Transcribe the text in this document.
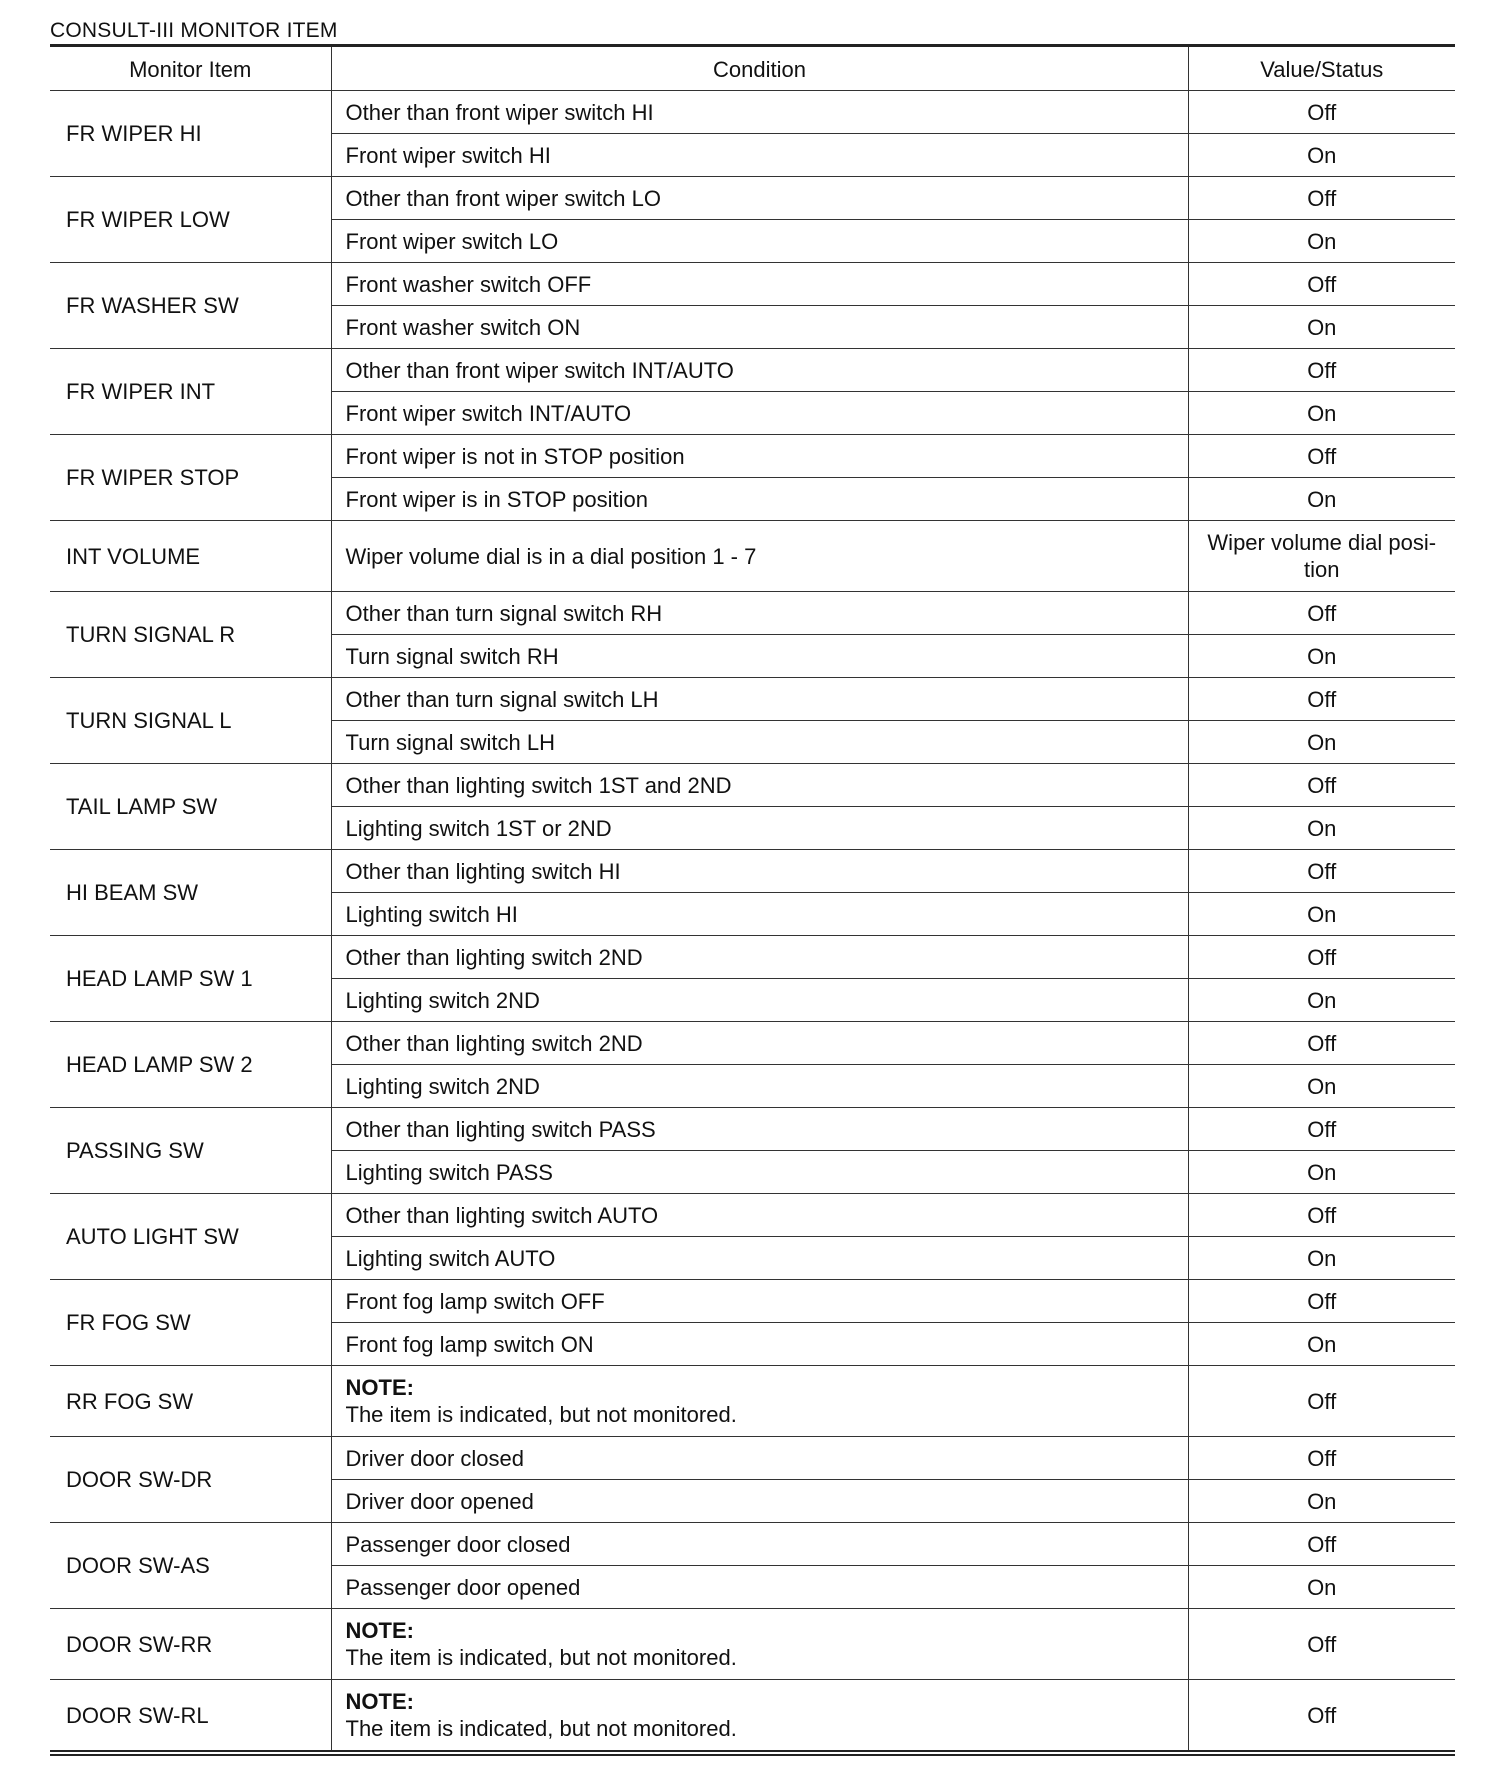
CONSULT-III MONITOR ITEM
Monitor Item	Condition	Value/Status
FR WIPER HI	Other than front wiper switch HI	Off
	Front wiper switch HI	On
FR WIPER LOW	Other than front wiper switch LO	Off
	Front wiper switch LO	On
FR WASHER SW	Front washer switch OFF	Off
	Front washer switch ON	On
FR WIPER INT	Other than front wiper switch INT/AUTO	Off
	Front wiper switch INT/AUTO	On
FR WIPER STOP	Front wiper is not in STOP position	Off
	Front wiper is in STOP position	On
INT VOLUME	Wiper volume dial is in a dial position 1 - 7	Wiper volume dial posi-
tion

TURN SIGNAL R	Other than turn signal switch RH	Off
	Turn signal switch RH	On
TURN SIGNAL L	Other than turn signal switch LH	Off
	Turn signal switch LH	On
TAIL LAMP SW	Other than lighting switch 1ST and 2ND	Off
	Lighting switch 1ST or 2ND	On
HI BEAM SW	Other than lighting switch HI	Off
	Lighting switch HI	On
HEAD LAMP SW 1	Other than lighting switch 2ND	Off
	Lighting switch 2ND	On
HEAD LAMP SW 2	Other than lighting switch 2ND	Off
	Lighting switch 2ND	On
PASSING SW	Other than lighting switch PASS	Off
	Lighting switch PASS	On
AUTO LIGHT SW	Other than lighting switch AUTO	Off
	Lighting switch AUTO	On
FR FOG SW	Front fog lamp switch OFF	Off
	Front fog lamp switch ON	On
RR FOG SW	NOTE:
The item is indicated, but not monitored.	Off
DOOR SW-DR	Driver door closed	Off
	Driver door opened	On
DOOR SW-AS	Passenger door closed	Off
	Passenger door opened	On
DOOR SW-RR	NOTE:
The item is indicated, but not monitored.	Off
DOOR SW-RL	NOTE:
The item is indicated, but not monitored.	Off
